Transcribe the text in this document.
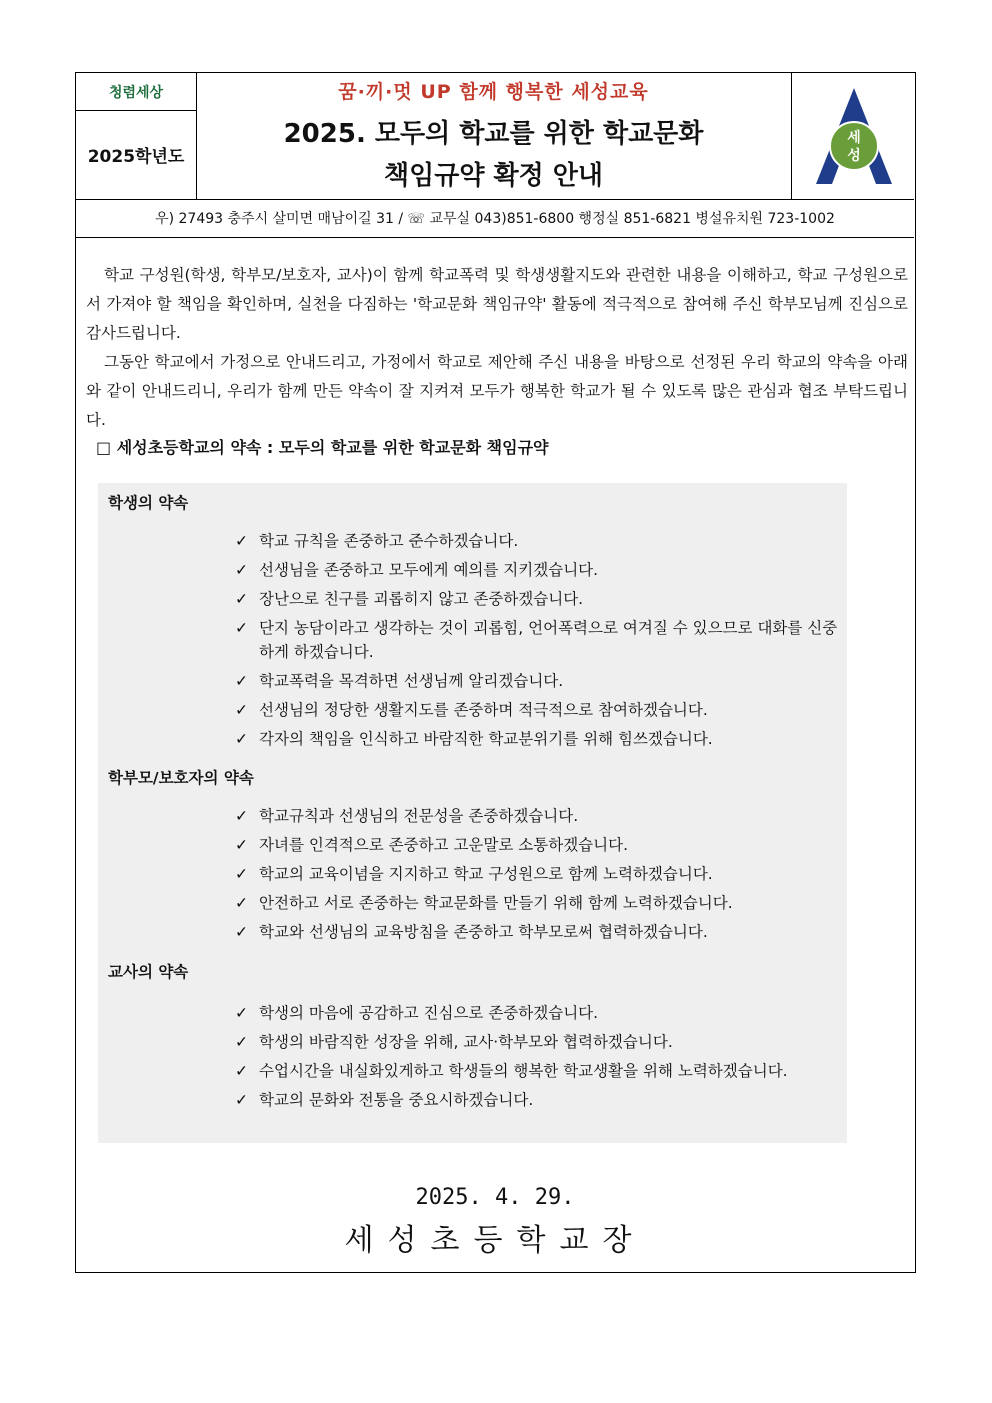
청렴세상
2025학년도
꿈·끼·멋 UP 함께 행복한 세성교육
2025. 모두의 학교를 위한 학교문화
책임규약 확정 안내
세
성
우) 27493 충주시 살미면 매남이길 31 / ☏ 교무실 043)851-6800 행정실 851-6821 병설유치원 723-1002

학교 구성원(학생, 학부모/보호자, 교사)이 함께 학교폭력 및 학생생활지도와 관련한 내용을 이해하고, 학교 구성원으로서 가져야 할 책임을 확인하며, 실천을 다짐하는 '학교문화 책임규약' 활동에 적극적으로 참여해 주신 학부모님께 진심으로 감사드립니다.

그동안 학교에서 가정으로 안내드리고, 가정에서 학교로 제안해 주신 내용을 바탕으로 선정된 우리 학교의 약속을 아래와 같이 안내드리니, 우리가 함께 만든 약속이 잘 지켜져 모두가 행복한 학교가 될 수 있도록 많은 관심과 협조 부탁드립니다.

□ 세성초등학교의 약속 : 모두의 학교를 위한 학교문화 책임규약
학생의 약속
✓ 학교 규칙을 존중하고 준수하겠습니다.
✓ 선생님을 존중하고 모두에게 예의를 지키겠습니다.
✓ 장난으로 친구를 괴롭히지 않고 존중하겠습니다.
✓ 단지 농담이라고 생각하는 것이 괴롭힘, 언어폭력으로 여겨질 수 있으므로 대화를 신중하게 하겠습니다.
✓ 학교폭력을 목격하면 선생님께 알리겠습니다.
✓ 선생님의 정당한 생활지도를 존중하며 적극적으로 참여하겠습니다.
✓ 각자의 책임을 인식하고 바람직한 학교분위기를 위해 힘쓰겠습니다.
학부모/보호자의 약속
✓ 학교규칙과 선생님의 전문성을 존중하겠습니다.
✓ 자녀를 인격적으로 존중하고 고운말로 소통하겠습니다.
✓ 학교의 교육이념을 지지하고 학교 구성원으로 함께 노력하겠습니다.
✓ 안전하고 서로 존중하는 학교문화를 만들기 위해 함께 노력하겠습니다.
✓ 학교와 선생님의 교육방침을 존중하고 학부모로써 협력하겠습니다.
교사의 약속
✓ 학생의 마음에 공감하고 진심으로 존중하겠습니다.
✓ 학생의 바람직한 성장을 위해, 교사·학부모와 협력하겠습니다.
✓ 수업시간을 내실화있게하고 학생들의 행복한 학교생활을 위해 노력하겠습니다.
✓ 학교의 문화와 전통을 중요시하겠습니다.
2025. 4. 29.
세성초등학교장
